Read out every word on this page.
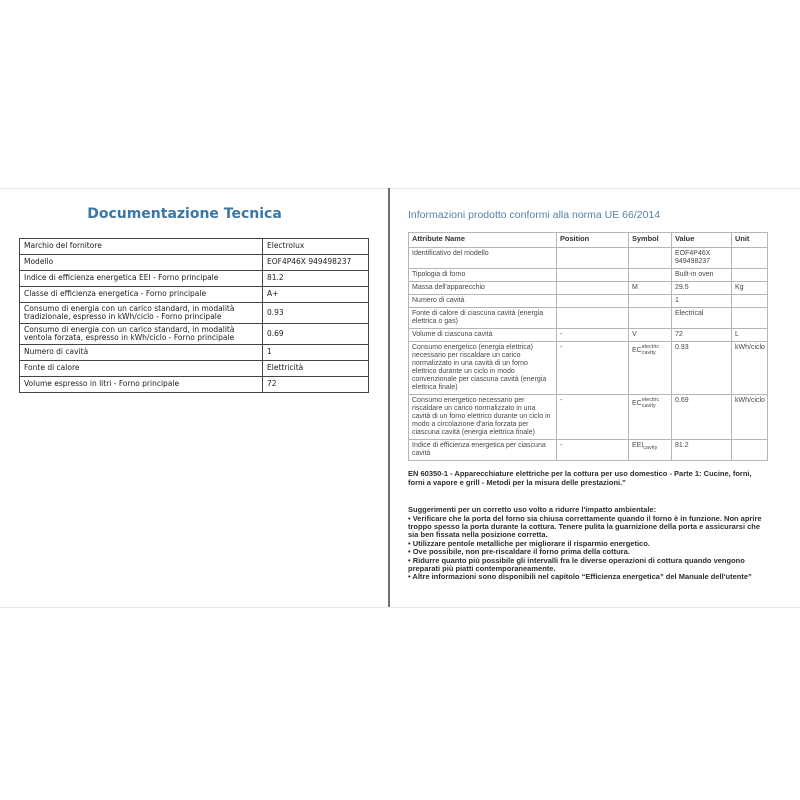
Documentazione Tecnica
Marchio del fornitore	Electrolux
Modello	EOF4P46X 949498237
Indice di efficienza energetica EEI - Forno principale	81.2
Classe di efficienza energetica - Forno principale	A+
Consumo di energia con un carico standard, in modalità tradizionale, espresso in kWh/ciclo - Forno principale	0.93
Consumo di energia con un carico standard, in modalità ventola forzata, espresso in kWh/ciclo - Forno principale	0.69
Numero di cavità	1
Fonte di calore	Elettricità
Volume espresso in litri - Forno principale	72
Informazioni prodotto conformi alla norma UE 66/2014
Attribute Name	Position	Symbol	Value	Unit
Identificativo del modello			EOF4P46X 949498237	
Tipologia di forno			Built-in oven	
Massa dell'apparecchio		M	29.5	Kg
Numero di cavità			1	
Fonte di calore di ciascuna cavità (energia elettrica o gas)			Electrical	
Volume di ciascuna cavità	-	V	72	L
Consumo energetico (energia elettrica) necessario per riscaldare un carico normalizzato in una cavità di un forno elettrico durante un ciclo in modo convenzionale per ciascuna cavità (energia elettrica finale)	-	$EC_{electric cavity}$	0.93	kWh/ciclo
Consumo energetico necessario per riscaldare un carico normalizzato in una cavità di un forno elettrico durante un ciclo in modo a circolazione d'aria forzata per ciascuna cavità (energia elettrica finale)	-	$EC_{electric cavity}$	0.69	kWh/ciclo
Indice di efficienza energetica per ciascuna cavità	-	$EEI_{cavity}$	81.2	
EN 60350-1 - Apparecchiature elettriche per la cottura per uso domestico - Parte 1: Cucine, forni, forni a vapore e grill - Metodi per la misura delle prestazioni."
Suggerimenti per un corretto uso volto a ridurre l'impatto ambientale:
• Verificare che la porta del forno sia chiusa correttamente quando il forno è in funzione. Non aprire troppo spesso la porta durante la cottura. Tenere pulita la guarnizione della porta e assicurarsi che sia ben fissata nella posizione corretta.
• Utilizzare pentole metalliche per migliorare il risparmio energetico.
• Ove possibile, non pre-riscaldare il forno prima della cottura.
• Ridurre quanto più possibile gli intervalli fra le diverse operazioni di cottura quando vengono preparati più piatti contemporaneamente.
• Altre informazioni sono disponibili nel capitolo “Efficienza energetica” del Manuale dell'utente”
